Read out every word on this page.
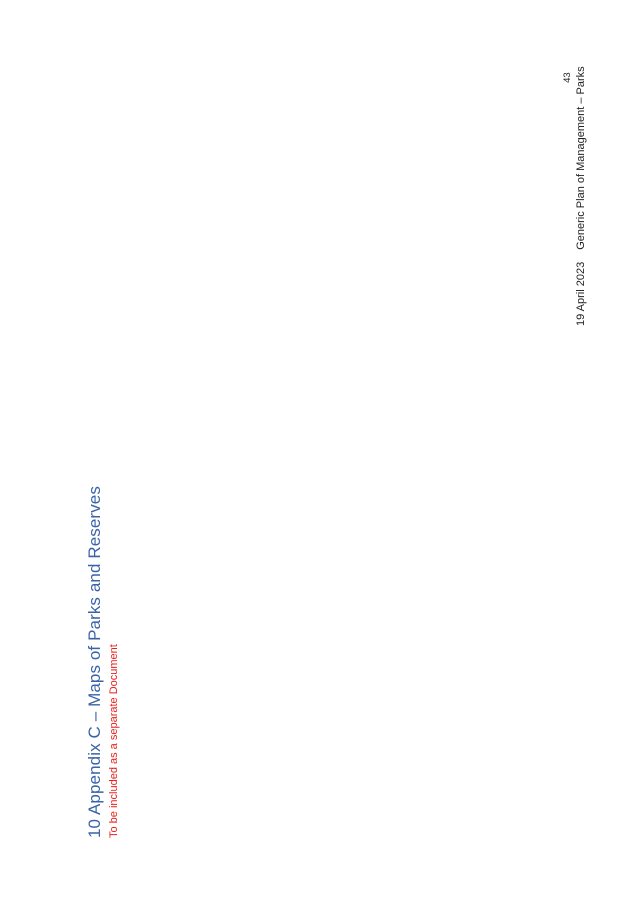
10 Appendix C – Maps of Parks and Reserves To be included as a separate Document
43
19 April 2023Generic Plan of Management – Parks
